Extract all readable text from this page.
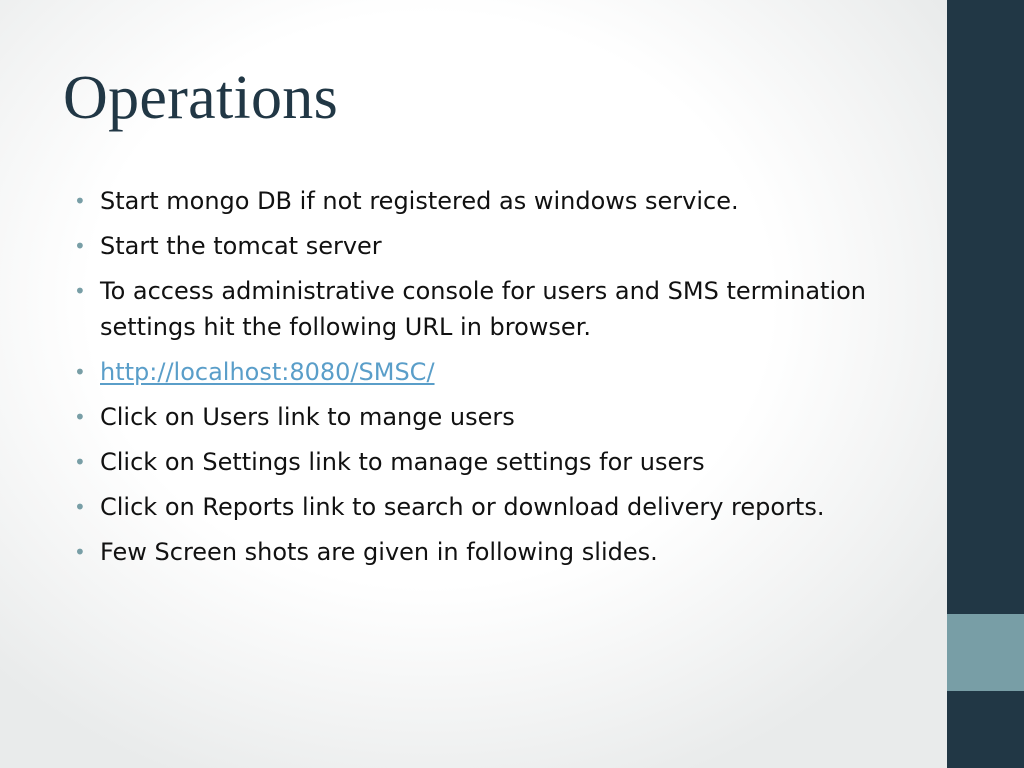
Operations
• Start mongo DB if not registered as windows service.
• Start the tomcat server
• To access administrative console for users and SMS termination settings hit the following URL in browser.
• http://localhost:8080/SMSC/
• Click on Users link to mange users
• Click on Settings link to manage settings for users
• Click on Reports link to search or download delivery reports.
• Few Screen shots are given in following slides.
